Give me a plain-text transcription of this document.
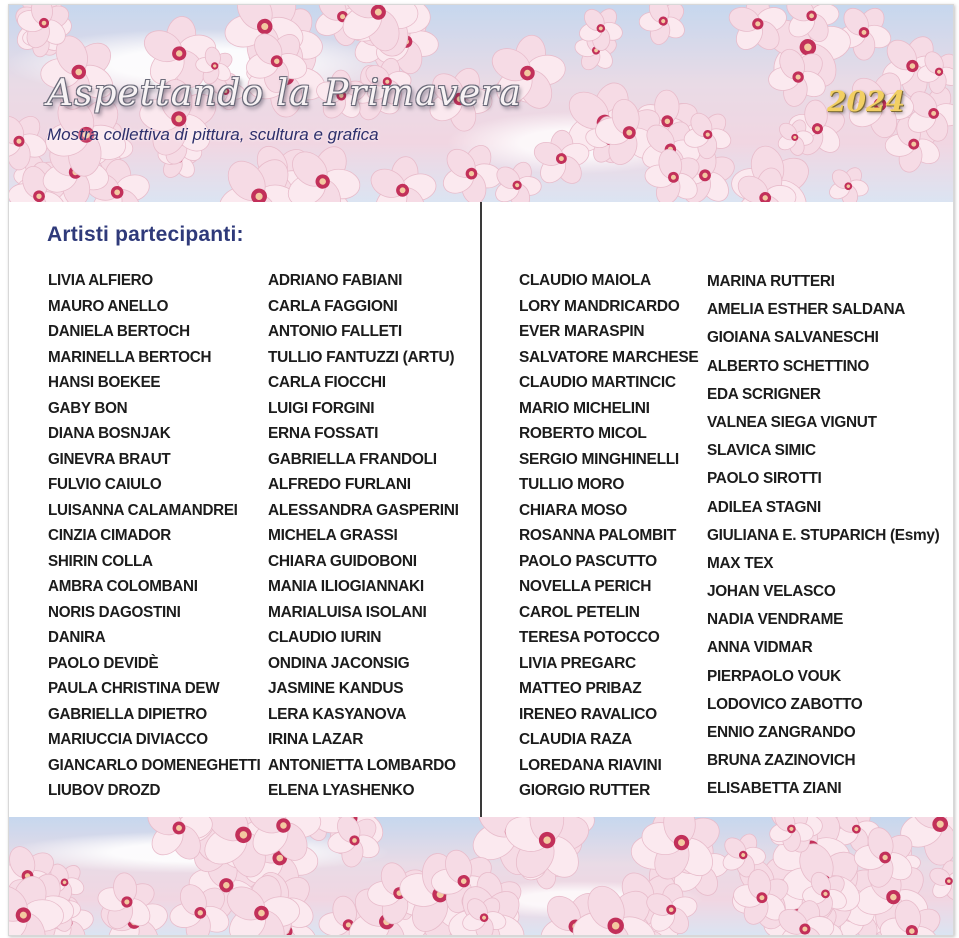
Aspettando la Primavera
Mostra collettiva di pittura, scultura e grafica
2024
Artisti partecipanti:
LIVIA ALFIERO
MAURO ANELLO
DANIELA BERTOCH
MARINELLA BERTOCH
HANSI BOEKEE
GABY BON
DIANA BOSNJAK
GINEVRA BRAUT
FULVIO CAIULO
LUISANNA CALAMANDREI
CINZIA CIMADOR
SHIRIN COLLA
AMBRA COLOMBANI
NORIS DAGOSTINI
DANIRA
PAOLO DEVIDÈ
PAULA CHRISTINA DEW
GABRIELLA DIPIETRO
MARIUCCIA DIVIACCO
GIANCARLO DOMENEGHETTI
LIUBOV DROZD
ADRIANO FABIANI
CARLA FAGGIONI
ANTONIO FALLETI
TULLIO FANTUZZI (ARTU)
CARLA FIOCCHI
LUIGI FORGINI
ERNA FOSSATI
GABRIELLA FRANDOLI
ALFREDO FURLANI
ALESSANDRA GASPERINI
MICHELA GRASSI
CHIARA GUIDOBONI
MANIA ILIOGIANNAKI
MARIALUISA ISOLANI
CLAUDIO IURIN
ONDINA JACONSIG
JASMINE KANDUS
LERA KASYANOVA
IRINA LAZAR
ANTONIETTA LOMBARDO
ELENA LYASHENKO
CLAUDIO MAIOLA
LORY MANDRICARDO
EVER MARASPIN
SALVATORE MARCHESE
CLAUDIO MARTINCIC
MARIO MICHELINI
ROBERTO MICOL
SERGIO MINGHINELLI
TULLIO MORO
CHIARA MOSO
ROSANNA PALOMBIT
PAOLO PASCUTTO
NOVELLA PERICH
CAROL PETELIN
TERESA POTOCCO
LIVIA PREGARC
MATTEO PRIBAZ
IRENEO RAVALICO
CLAUDIA RAZA
LOREDANA RIAVINI
GIORGIO RUTTER
MARINA RUTTERI
AMELIA ESTHER SALDANA
GIOIANA SALVANESCHI
ALBERTO SCHETTINO
EDA SCRIGNER
VALNEA SIEGA VIGNUT
SLAVICA SIMIC
PAOLO SIROTTI
ADILEA STAGNI
GIULIANA E. STUPARICH (Esmy)
MAX TEX
JOHAN VELASCO
NADIA VENDRAME
ANNA VIDMAR
PIERPAOLO VOUK
LODOVICO ZABOTTO
ENNIO ZANGRANDO
BRUNA ZAZINOVICH
ELISABETTA ZIANI
